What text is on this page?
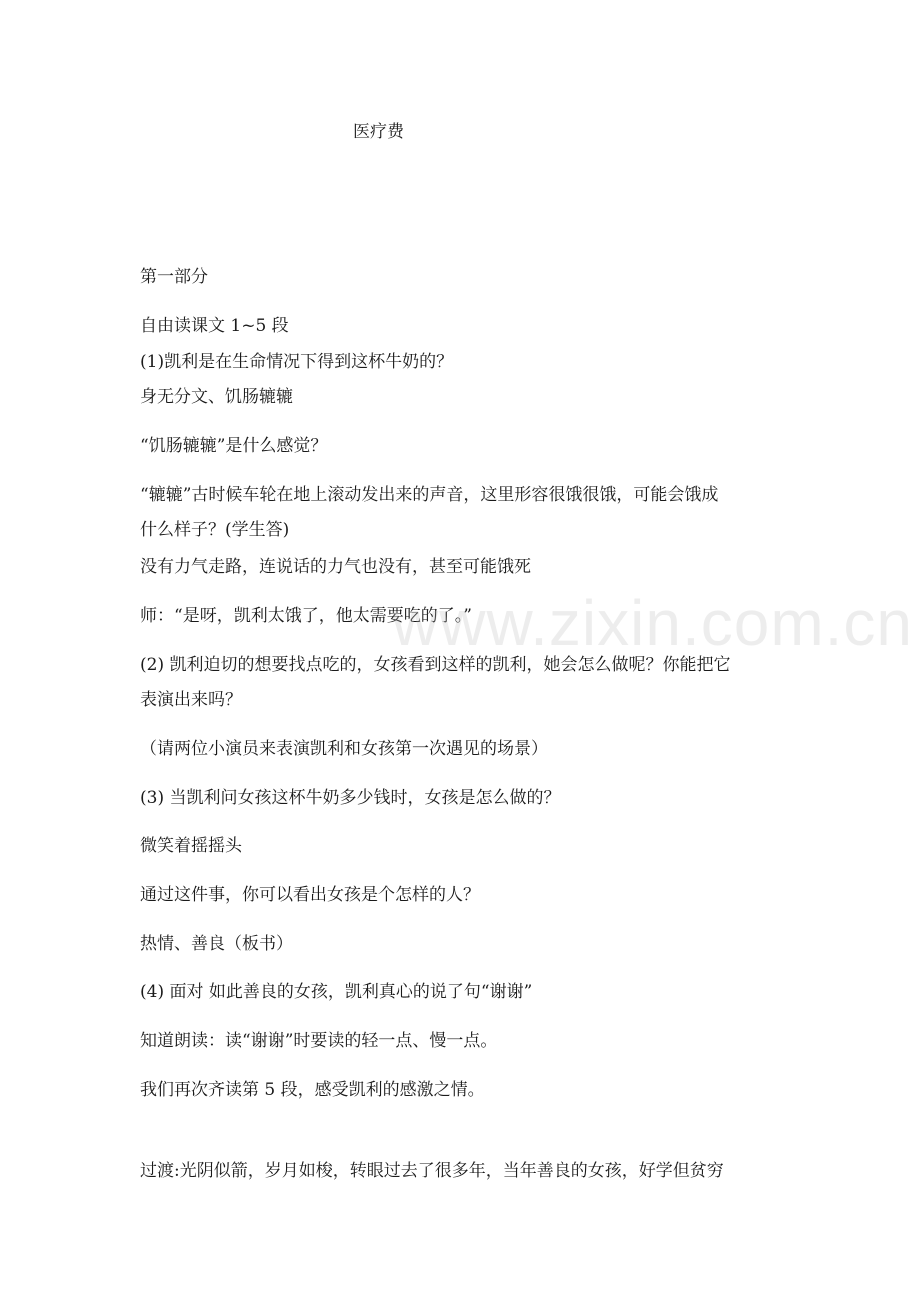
医疗费

第一部分

自由读课文 1~5 段

(1)凯利是在生命情况下得到这杯牛奶的？

身无分文、饥肠辘辘

“饥肠辘辘”是什么感觉？

“辘辘”古时候车轮在地上滚动发出来的声音，这里形容很饿很饿，可能会饿成

什么样子？(学生答)

没有力气走路，连说话的力气也没有，甚至可能饿死

师：“是呀，凯利太饿了，他太需要吃的了。”

(2) 凯利迫切的想要找点吃的，女孩看到这样的凯利，她会怎么做呢？你能把它

表演出来吗？

（请两位小演员来表演凯利和女孩第一次遇见的场景）

(3) 当凯利问女孩这杯牛奶多少钱时，女孩是怎么做的？

微笑着摇摇头

通过这件事，你可以看出女孩是个怎样的人？

热情、善良（板书）

(4) 面对 如此善良的女孩，凯利真心的说了句“谢谢”

知道朗读：读“谢谢”时要读的轻一点、慢一点。

我们再次齐读第 5 段，感受凯利的感激之情。

过渡:光阴似箭，岁月如梭，转眼过去了很多年，当年善良的女孩，好学但贫穷

www.zixin.com.cn
